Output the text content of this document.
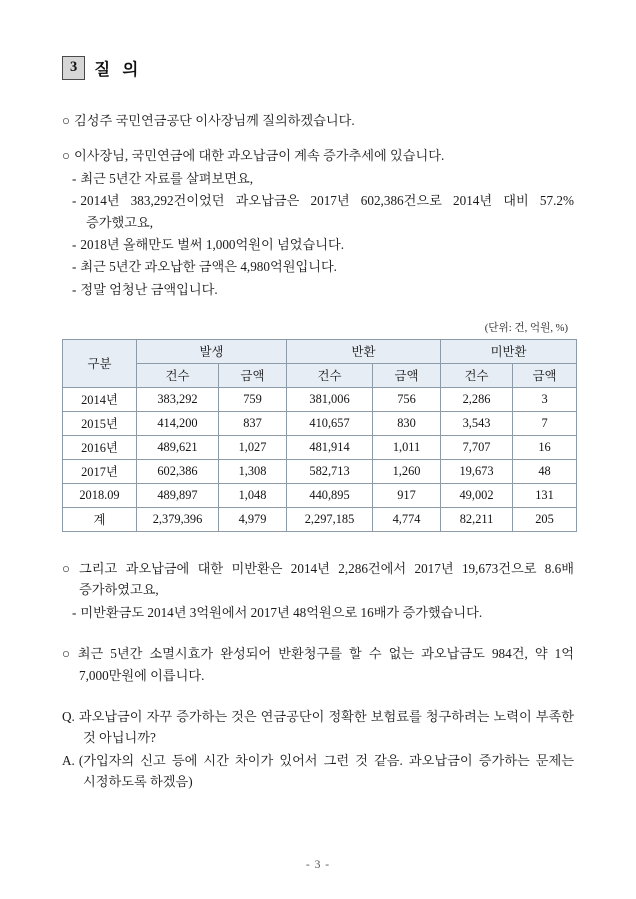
3	질 의

○ 김성주 국민연금공단 이사장님께 질의하겠습니다.

○ 이사장님, 국민연금에 대한 과오납금이 계속 증가추세에 있습니다.

- 최근 5년간 자료를 살펴보면요,

- 2014년 383,292건이었던 과오납금은 2017년 602,386건으로 2014년 대비 57.2% 증가했고요,

- 2018년 올해만도 벌써 1,000억원이 넘었습니다.

- 최근 5년간 과오납한 금액은 4,980억원입니다.

- 정말 엄청난 금액입니다.

(단위: 건, 억원, %)
구분	발생		반환		미반환	
	건수	금액	건수	금액	건수	금액
2014년	383,292	759	381,006	756	2,286	3
2015년	414,200	837	410,657	830	3,543	7
2016년	489,621	1,027	481,914	1,011	7,707	16
2017년	602,386	1,308	582,713	1,260	19,673	48
2018.09	489,897	1,048	440,895	917	49,002	131
계	2,379,396	4,979	2,297,185	4,774	82,211	205

○ 그리고 과오납금에 대한 미반환은 2014년 2,286건에서 2017년 19,673건으로 8.6배 증가하였고요,

- 미반환금도 2014년 3억원에서 2017년 48억원으로 16배가 증가했습니다.

○ 최근 5년간 소멸시효가 완성되어 반환청구를 할 수 없는 과오납금도 984건, 약 1억 7,000만원에 이릅니다.

Q. 과오납금이 자꾸 증가하는 것은 연금공단이 정확한 보험료를 청구하려는 노력이 부족한 것 아닙니까?

A. (가입자의 신고 등에 시간 차이가 있어서 그런 것 같음. 과오납금이 증가하는 문제는 시정하도록 하겠음)

- 3 -
